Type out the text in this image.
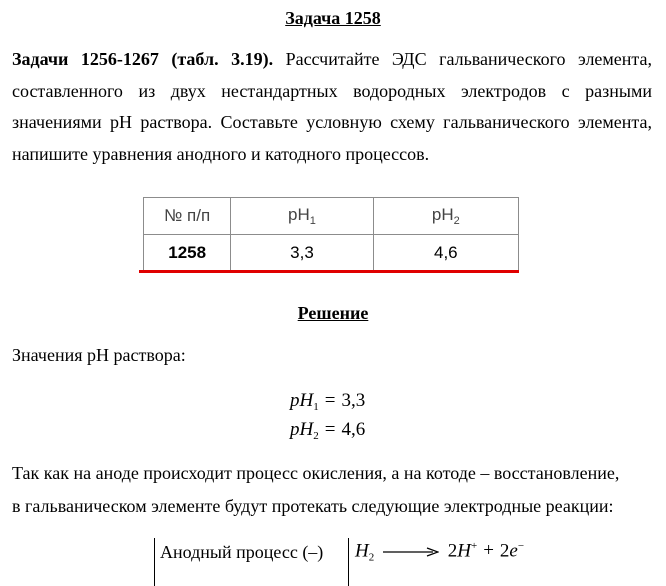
Задача 1258
Задачи 1256-1267 (табл. 3.19). Рассчитайте ЭДС гальванического элемента, составленного из двух нестандартных водородных электродов с разными значениями pH раствора. Составьте условную схему гальванического элемента, напишите уравнения анодного и катодного процессов.
№ п/п	$pH_1$	$pH_2$
1258	3,3	4,6
Решение
Значения pH раствора:
$pH_1 = 3,3$
$pH_2 = 4,6$
Так как на аноде происходит процесс окисления, а на котоде – восстановление,
в гальваническом элементе будут протекать следующие электродные реакции:
Анодный процесс (–) $H_2 \to 2H^+ + 2e^-$
